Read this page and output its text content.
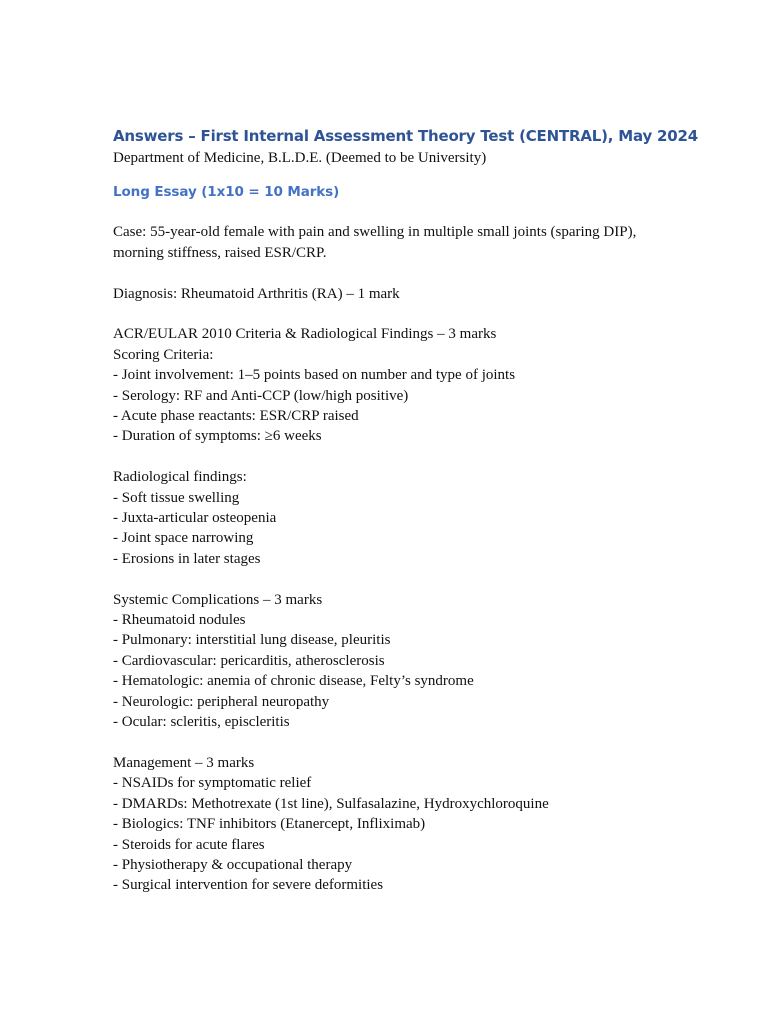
Answers – First Internal Assessment Theory Test (CENTRAL), May 2024

Department of Medicine, B.L.D.E. (Deemed to be University)

Long Essay (1x10 = 10 Marks)

Case: 55-year-old female with pain and swelling in multiple small joints (sparing DIP),
morning stiffness, raised ESR/CRP.

Diagnosis: Rheumatoid Arthritis (RA) – 1 mark

ACR/EULAR 2010 Criteria & Radiological Findings – 3 marks

Scoring Criteria:

- Joint involvement: 1–5 points based on number and type of joints

- Serology: RF and Anti-CCP (low/high positive)

- Acute phase reactants: ESR/CRP raised

- Duration of symptoms: ≥6 weeks

Radiological findings:

- Soft tissue swelling

- Juxta-articular osteopenia

- Joint space narrowing

- Erosions in later stages

Systemic Complications – 3 marks

- Rheumatoid nodules

- Pulmonary: interstitial lung disease, pleuritis

- Cardiovascular: pericarditis, atherosclerosis

- Hematologic: anemia of chronic disease, Felty’s syndrome

- Neurologic: peripheral neuropathy

- Ocular: scleritis, episcleritis

Management – 3 marks

- NSAIDs for symptomatic relief

- DMARDs: Methotrexate (1st line), Sulfasalazine, Hydroxychloroquine

- Biologics: TNF inhibitors (Etanercept, Infliximab)

- Steroids for acute flares

- Physiotherapy & occupational therapy

- Surgical intervention for severe deformities
